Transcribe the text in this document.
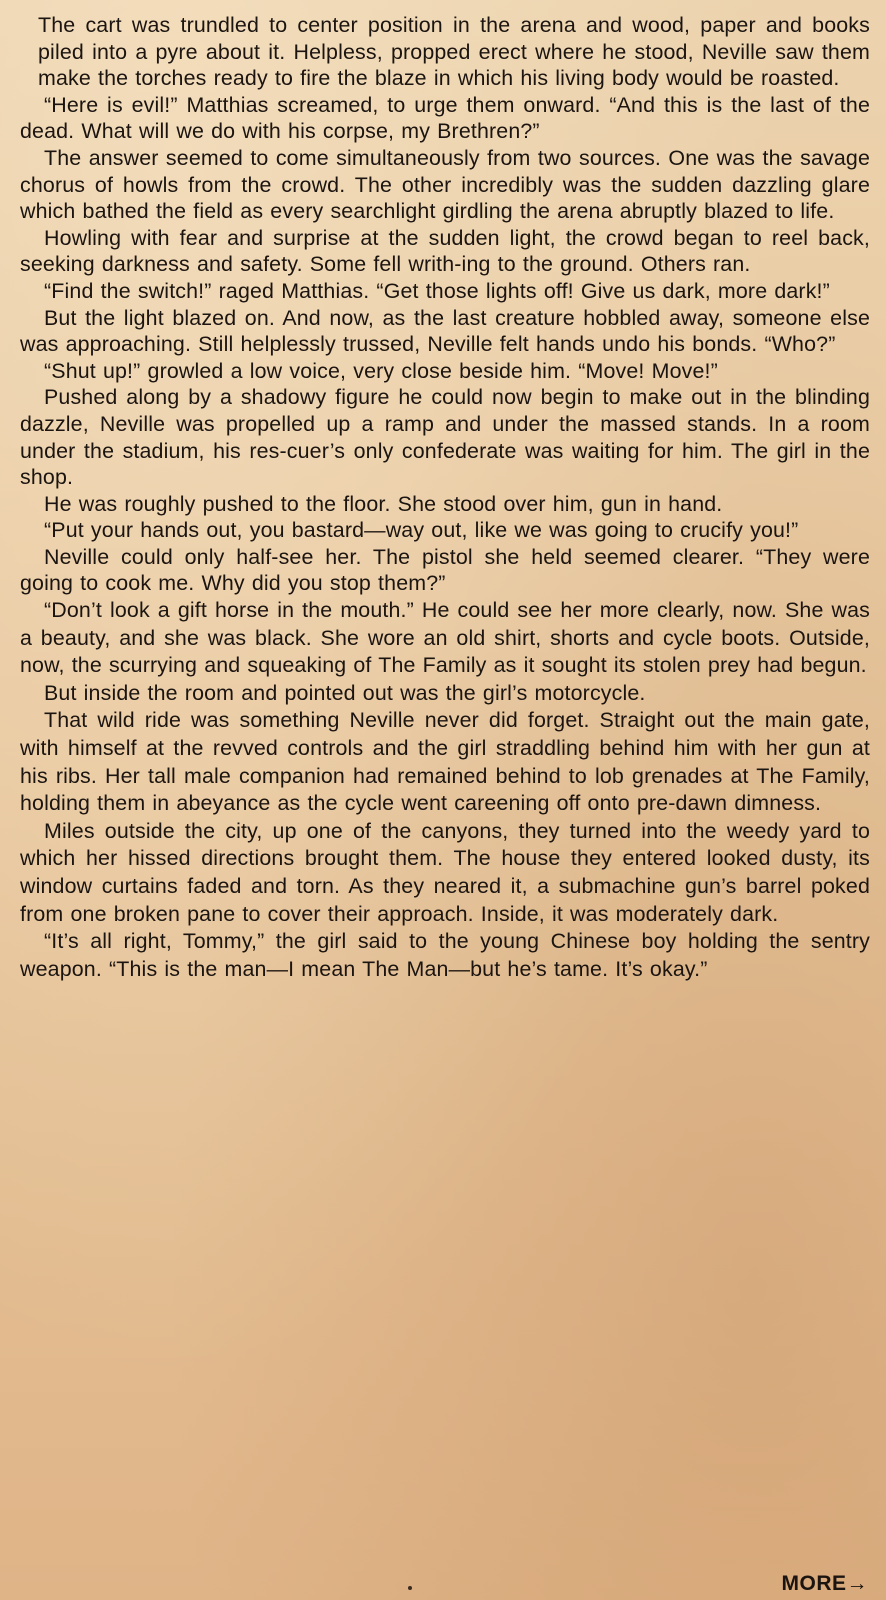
The cart was trundled to center position in the arena and wood, paper and books piled into a pyre about it. Helpless, propped erect where he stood, Neville saw them make the torches ready to fire the blaze in which his living body would be roasted.

“Here is evil!” Matthias screamed, to urge them onward. “And this is the last of the dead. What will we do with his corpse, my Brethren?”

The answer seemed to come simultaneously from two sources. One was the savage chorus of howls from the crowd. The other incredibly was the sudden dazzling glare which bathed the field as every searchlight girdling the arena abruptly blazed to life.

Howling with fear and surprise at the sudden light, the crowd began to reel back, seeking darkness and safety. Some fell writh-ing to the ground. Others ran.

“Find the switch!” raged Matthias. “Get those lights off! Give us dark, more dark!”

But the light blazed on. And now, as the last creature hobbled away, someone else was approaching. Still helplessly trussed, Neville felt hands undo his bonds. “Who?”

“Shut up!” growled a low voice, very close beside him. “Move! Move!”

Pushed along by a shadowy figure he could now begin to make out in the blinding dazzle, Neville was propelled up a ramp and under the massed stands. In a room under the stadium, his res-cuer’s only confederate was waiting for him. The girl in the shop.

He was roughly pushed to the floor. She stood over him, gun in hand.

“Put your hands out, you bastard—way out, like we was going to crucify you!”

Neville could only half-see her. The pistol she held seemed clearer. “They were going to cook me. Why did you stop them?”

“Don’t look a gift horse in the mouth.” He could see her more clearly, now. She was a beauty, and she was black. She wore an old shirt, shorts and cycle boots. Outside, now, the scurrying and squeaking of The Family as it sought its stolen prey had begun.

But inside the room and pointed out was the girl’s motorcycle.

That wild ride was something Neville never did forget. Straight out the main gate, with himself at the revved controls and the girl straddling behind him with her gun at his ribs. Her tall male companion had remained behind to lob grenades at The Family, holding them in abeyance as the cycle went careening off onto pre-dawn dimness.

Miles outside the city, up one of the canyons, they turned into the weedy yard to which her hissed directions brought them. The house they entered looked dusty, its window curtains faded and torn. As they neared it, a submachine gun’s barrel poked from one broken pane to cover their approach. Inside, it was moderately dark.

“It’s all right, Tommy,” the girl said to the young Chinese boy holding the sentry weapon. “This is the man—I mean The Man—but he’s tame. It’s okay.”

MORE→
